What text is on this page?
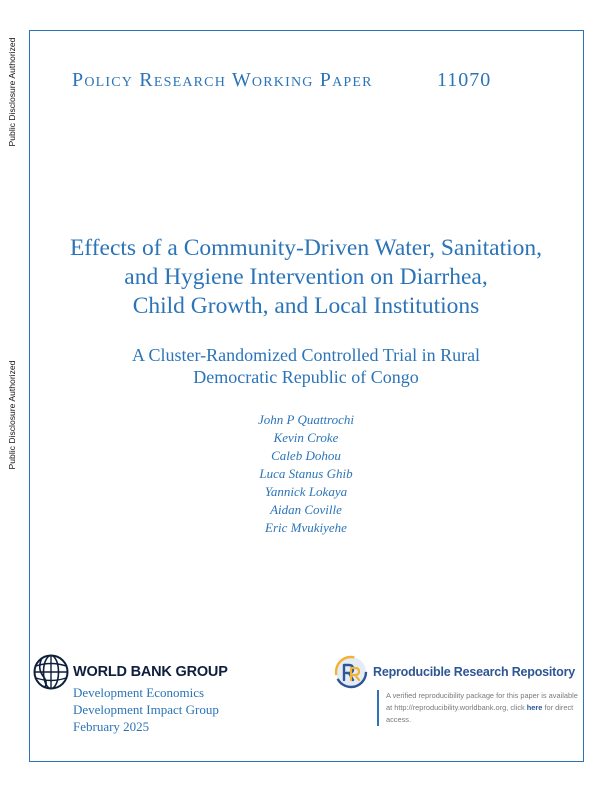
Public Disclosure Authorized
Public Disclosure Authorized
Policy Research Working Paper	11070
Effects of a Community-Driven Water, Sanitation,
and Hygiene Intervention on Diarrhea,
Child Growth, and Local Institutions
A Cluster-Randomized Controlled Trial in Rural
Democratic Republic of Congo
John P Quattrochi
Kevin Croke
Caleb Dohou
Luca Stanus Ghib
Yannick Lokaya
Aidan Coville
Eric Mvukiyehe
WORLD BANK GROUP
Development Economics
Development Impact Group
February 2025
Reproducible Research Repository
A verified reproducibility package for this paper is available at http://reproducibility.worldbank.org, click here for direct access.
